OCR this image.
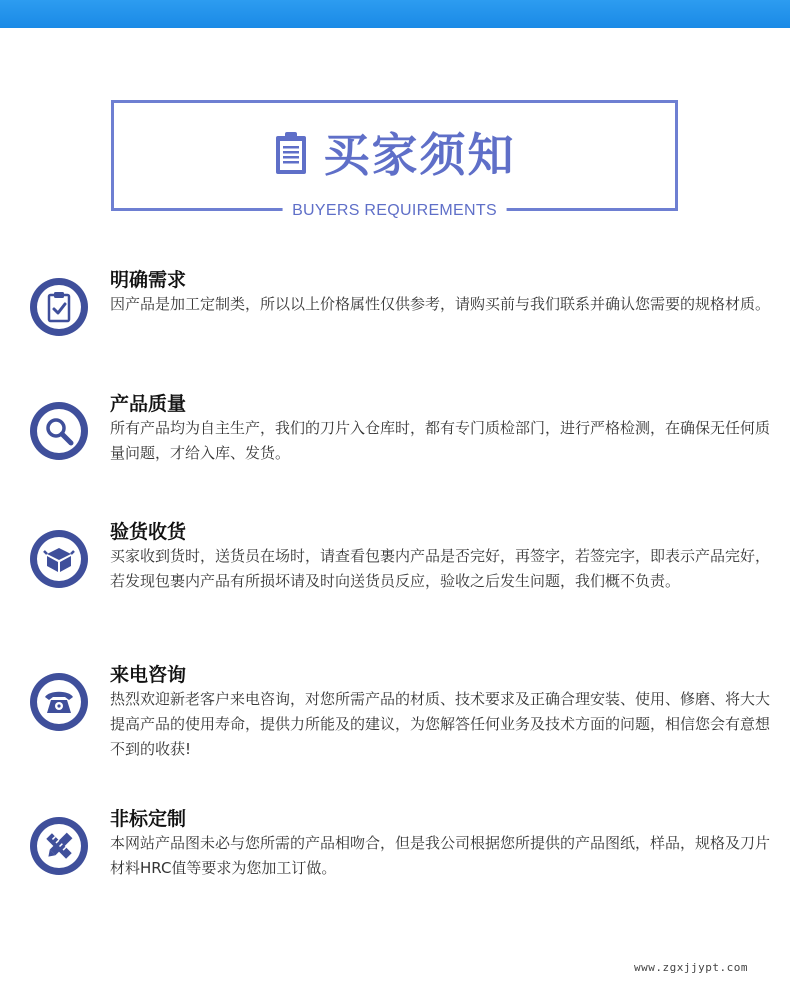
买家须知
BUYERS REQUIREMENTS
明确需求
因产品是加工定制类，所以以上价格属性仅供参考，请购买前与我们联系并确认您需要的规格材质。
产品质量
所有产品均为自主生产，我们的刀片入仓库时，都有专门质检部门，进行严格检测，在确保无任何质量问题，才给入库、发货。
验货收货
买家收到货时，送货员在场时，请查看包裹内产品是否完好，再签字，若签完字，即表示产品完好，若发现包裹内产品有所损坏请及时向送货员反应，验收之后发生问题，我们概不负责。
来电咨询
热烈欢迎新老客户来电咨询，对您所需产品的材质、技术要求及正确合理安装、使用、修磨、将大大提高产品的使用寿命，提供力所能及的建议，为您解答任何业务及技术方面的问题，相信您会有意想不到的收获!
非标定制
本网站产品图未必与您所需的产品相吻合，但是我公司根据您所提供的产品图纸，样品，规格及刀片材料HRC值等要求为您加工订做。
www.zgxjjypt.com
